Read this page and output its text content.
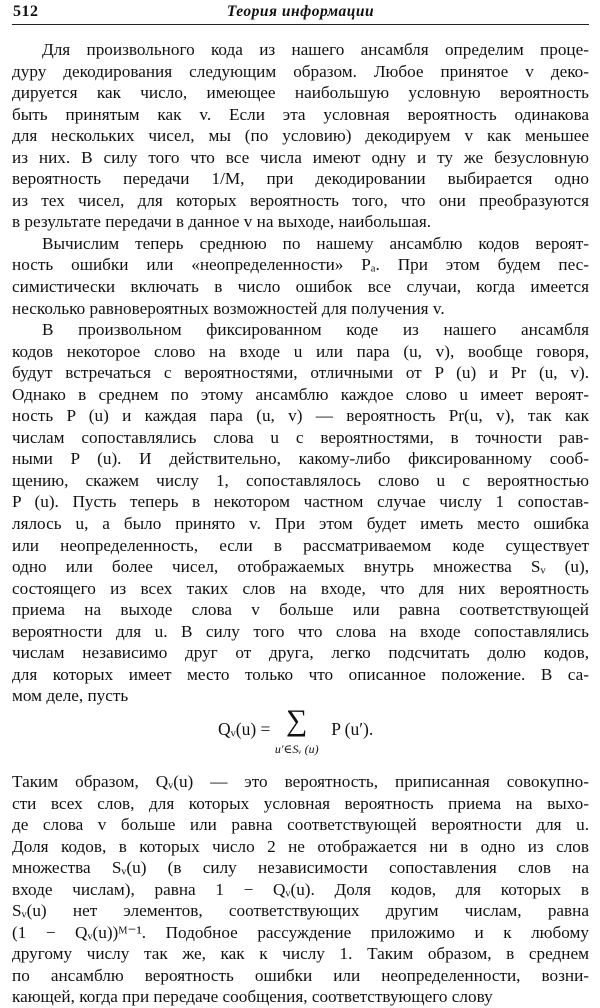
512	Теория информации
Для произвольного кода из нашего ансамбля определим проце-
дуру декодирования следующим образом. Любое принятое v деко-
дируется как число, имеющее наибольшую условную вероятность
быть принятым как v. Если эта условная вероятность одинакова
для нескольких чисел, мы (по условию) декодируем v как меньшее
из них. В силу того что все числа имеют одну и ту же безусловную
вероятность передачи 1/M, при декодировании выбирается одно
из тех чисел, для которых вероятность того, что они преобразуются
в результате передачи в данное v на выходе, наибольшая.
Вычислим теперь среднюю по нашему ансамблю кодов вероят-
ность ошибки или «неопределенности» Pₐ. При этом будем пес-
симистически включать в число ошибок все случаи, когда имеется
несколько равновероятных возможностей для получения v.
В произвольном фиксированном коде из нашего ансамбля
кодов некоторое слово на входе u или пара (u, v), вообще говоря,
будут встречаться с вероятностями, отличными от P (u) и Pr (u, v).
Однако в среднем по этому ансамблю каждое слово u имеет вероят-
ность P (u) и каждая пара (u, v) — вероятность Pr(u, v), так как
числам сопоставлялись слова u с вероятностями, в точности рав-
ными P (u). И действительно, какому-либо фиксированному сооб-
щению, скажем числу 1, сопоставлялось слово u с вероятностью
P (u). Пусть теперь в некотором частном случае числу 1 сопостав-
лялось u, а было принято v. При этом будет иметь место ошибка
или неопределенность, если в рассматриваемом коде существует
одно или более чисел, отображаемых внутрь множества Sᵥ (u),
состоящего из всех таких слов на входе, что для них вероятность
приема на выходе слова v больше или равна соответствующей
вероятности для u. В силу того что слова на входе сопоставлялись
числам независимо друг от друга, легко подсчитать долю кодов,
для которых имеет место только что описанное положение. В са-
мом деле, пусть
Qᵥ(u) = ∑
u′∈Sᵥ (u)
P (u′).
Таким образом, Qᵥ(u) — это вероятность, приписанная совокупно-
сти всех слов, для которых условная вероятность приема на выхо-
де слова v больше или равна соответствующей вероятности для u.
Доля кодов, в которых число 2 не отображается ни в одно из слов
множества Sᵥ(u) (в силу независимости сопоставления слов на
входе числам), равна 1 − Qᵥ(u). Доля кодов, для которых в
Sᵥ(u) нет элементов, соответствующих другим числам, равна
(1 − Qᵥ(u))ᴹ⁻¹. Подобное рассуждение приложимо и к любому
другому числу так же, как к числу 1. Таким образом, в среднем
по ансамблю вероятность ошибки или неопределенности, возни-
кающей, когда при передаче сообщения, соответствующего слову
